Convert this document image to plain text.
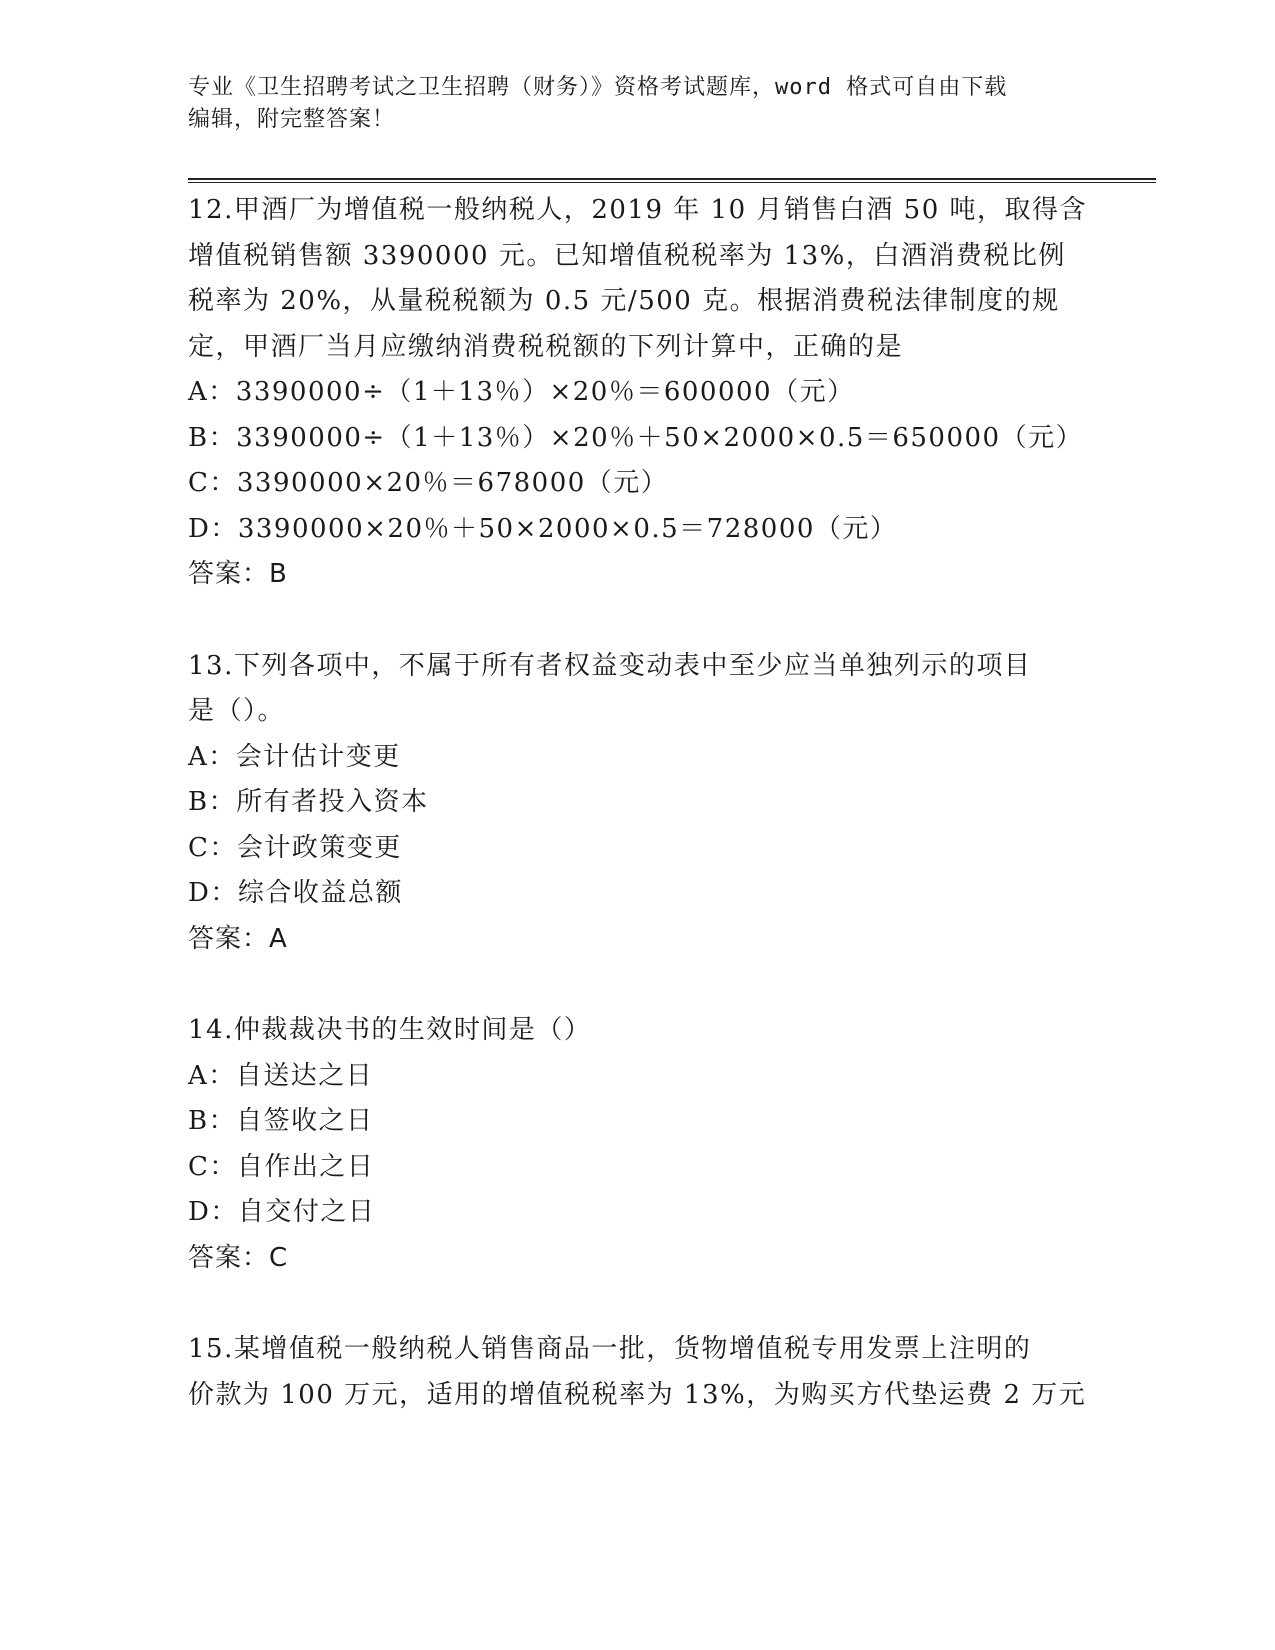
专业《卫生招聘考试之卫生招聘（财务）》资格考试题库，word 格式可自由下载
编辑，附完整答案！
12.甲酒厂为增值税一般纳税人，2019 年 10 月销售白酒 50 吨，取得含
增值税销售额 3390000 元。已知增值税税率为 13%，白酒消费税比例
税率为 20%，从量税税额为 0.5 元/500 克。根据消费税法律制度的规
定，甲酒厂当月应缴纳消费税税额的下列计算中，正确的是
A：3390000÷（1＋13％）×20％＝600000（元）
B：3390000÷（1＋13％）×20％＋50×2000×0.5＝650000（元）
C：3390000×20％＝678000（元）
D：3390000×20％＋50×2000×0.5＝728000（元）
答案：B
13.下列各项中，不属于所有者权益变动表中至少应当单独列示的项目
是（）。
A：会计估计变更
B：所有者投入资本
C：会计政策变更
D：综合收益总额
答案：A
14.仲裁裁决书的生效时间是（）
A：自送达之日
B：自签收之日
C：自作出之日
D：自交付之日
答案：C
15.某增值税一般纳税人销售商品一批，货物增值税专用发票上注明的
价款为 100 万元，适用的增值税税率为 13%，为购买方代垫运费 2 万元
